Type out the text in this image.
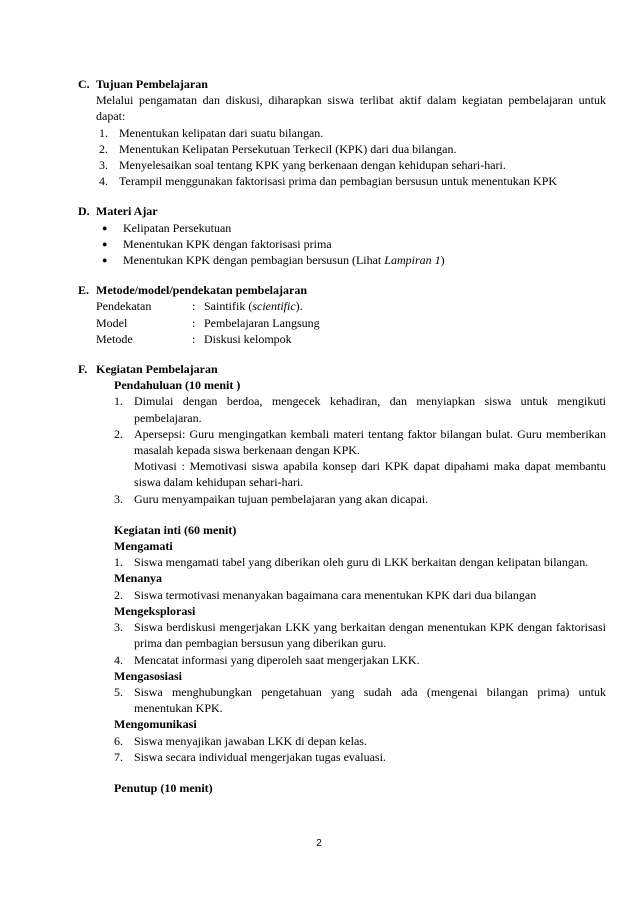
C. Tujuan Pembelajaran
Melalui pengamatan dan diskusi, diharapkan siswa terlibat aktif dalam kegiatan pembelajaran untuk dapat:
1. Menentukan kelipatan dari suatu bilangan.
2. Menentukan Kelipatan Persekutuan Terkecil (KPK) dari dua bilangan.
3. Menyelesaikan soal tentang KPK yang berkenaan dengan kehidupan sehari-hari.
4. Terampil menggunakan faktorisasi prima dan pembagian bersusun untuk menentukan KPK
D. Materi Ajar
●	Kelipatan Persekutuan
●	Menentukan KPK dengan faktorisasi prima
●	Menentukan KPK dengan pembagian bersusun (Lihat Lampiran 1)
E. Metode/model/pendekatan pembelajaran
Pendekatan	: Saintifik (scientific).
Model	: Pembelajaran Langsung
Metode	: Diskusi kelompok
F. Kegiatan Pembelajaran
Pendahuluan (10 menit )
1. Dimulai dengan berdoa, mengecek kehadiran, dan menyiapkan siswa untuk mengikuti pembelajaran.
2. Apersepsi: Guru mengingatkan kembali materi tentang faktor bilangan bulat. Guru memberikan masalah kepada siswa berkenaan dengan KPK.
Motivasi : Memotivasi siswa apabila konsep dari KPK dapat dipahami maka dapat membantu siswa dalam kehidupan sehari-hari.
3. Guru menyampaikan tujuan pembelajaran yang akan dicapai.
Kegiatan inti (60 menit)
Mengamati
1. Siswa mengamati tabel yang diberikan oleh guru di LKK berkaitan dengan kelipatan bilangan.
Menanya
2. Siswa termotivasi menanyakan bagaimana cara menentukan KPK dari dua bilangan
Mengeksplorasi
3. Siswa berdiskusi mengerjakan LKK yang berkaitan dengan menentukan KPK dengan faktorisasi prima dan pembagian bersusun yang diberikan guru.
4. Mencatat informasi yang diperoleh saat mengerjakan LKK.
Mengasosiasi
5. Siswa menghubungkan pengetahuan yang sudah ada (mengenai bilangan prima) untuk menentukan KPK.
Mengomunikasi
6. Siswa menyajikan jawaban LKK di depan kelas.
7. Siswa secara individual mengerjakan tugas evaluasi.
Penutup (10 menit)
2
